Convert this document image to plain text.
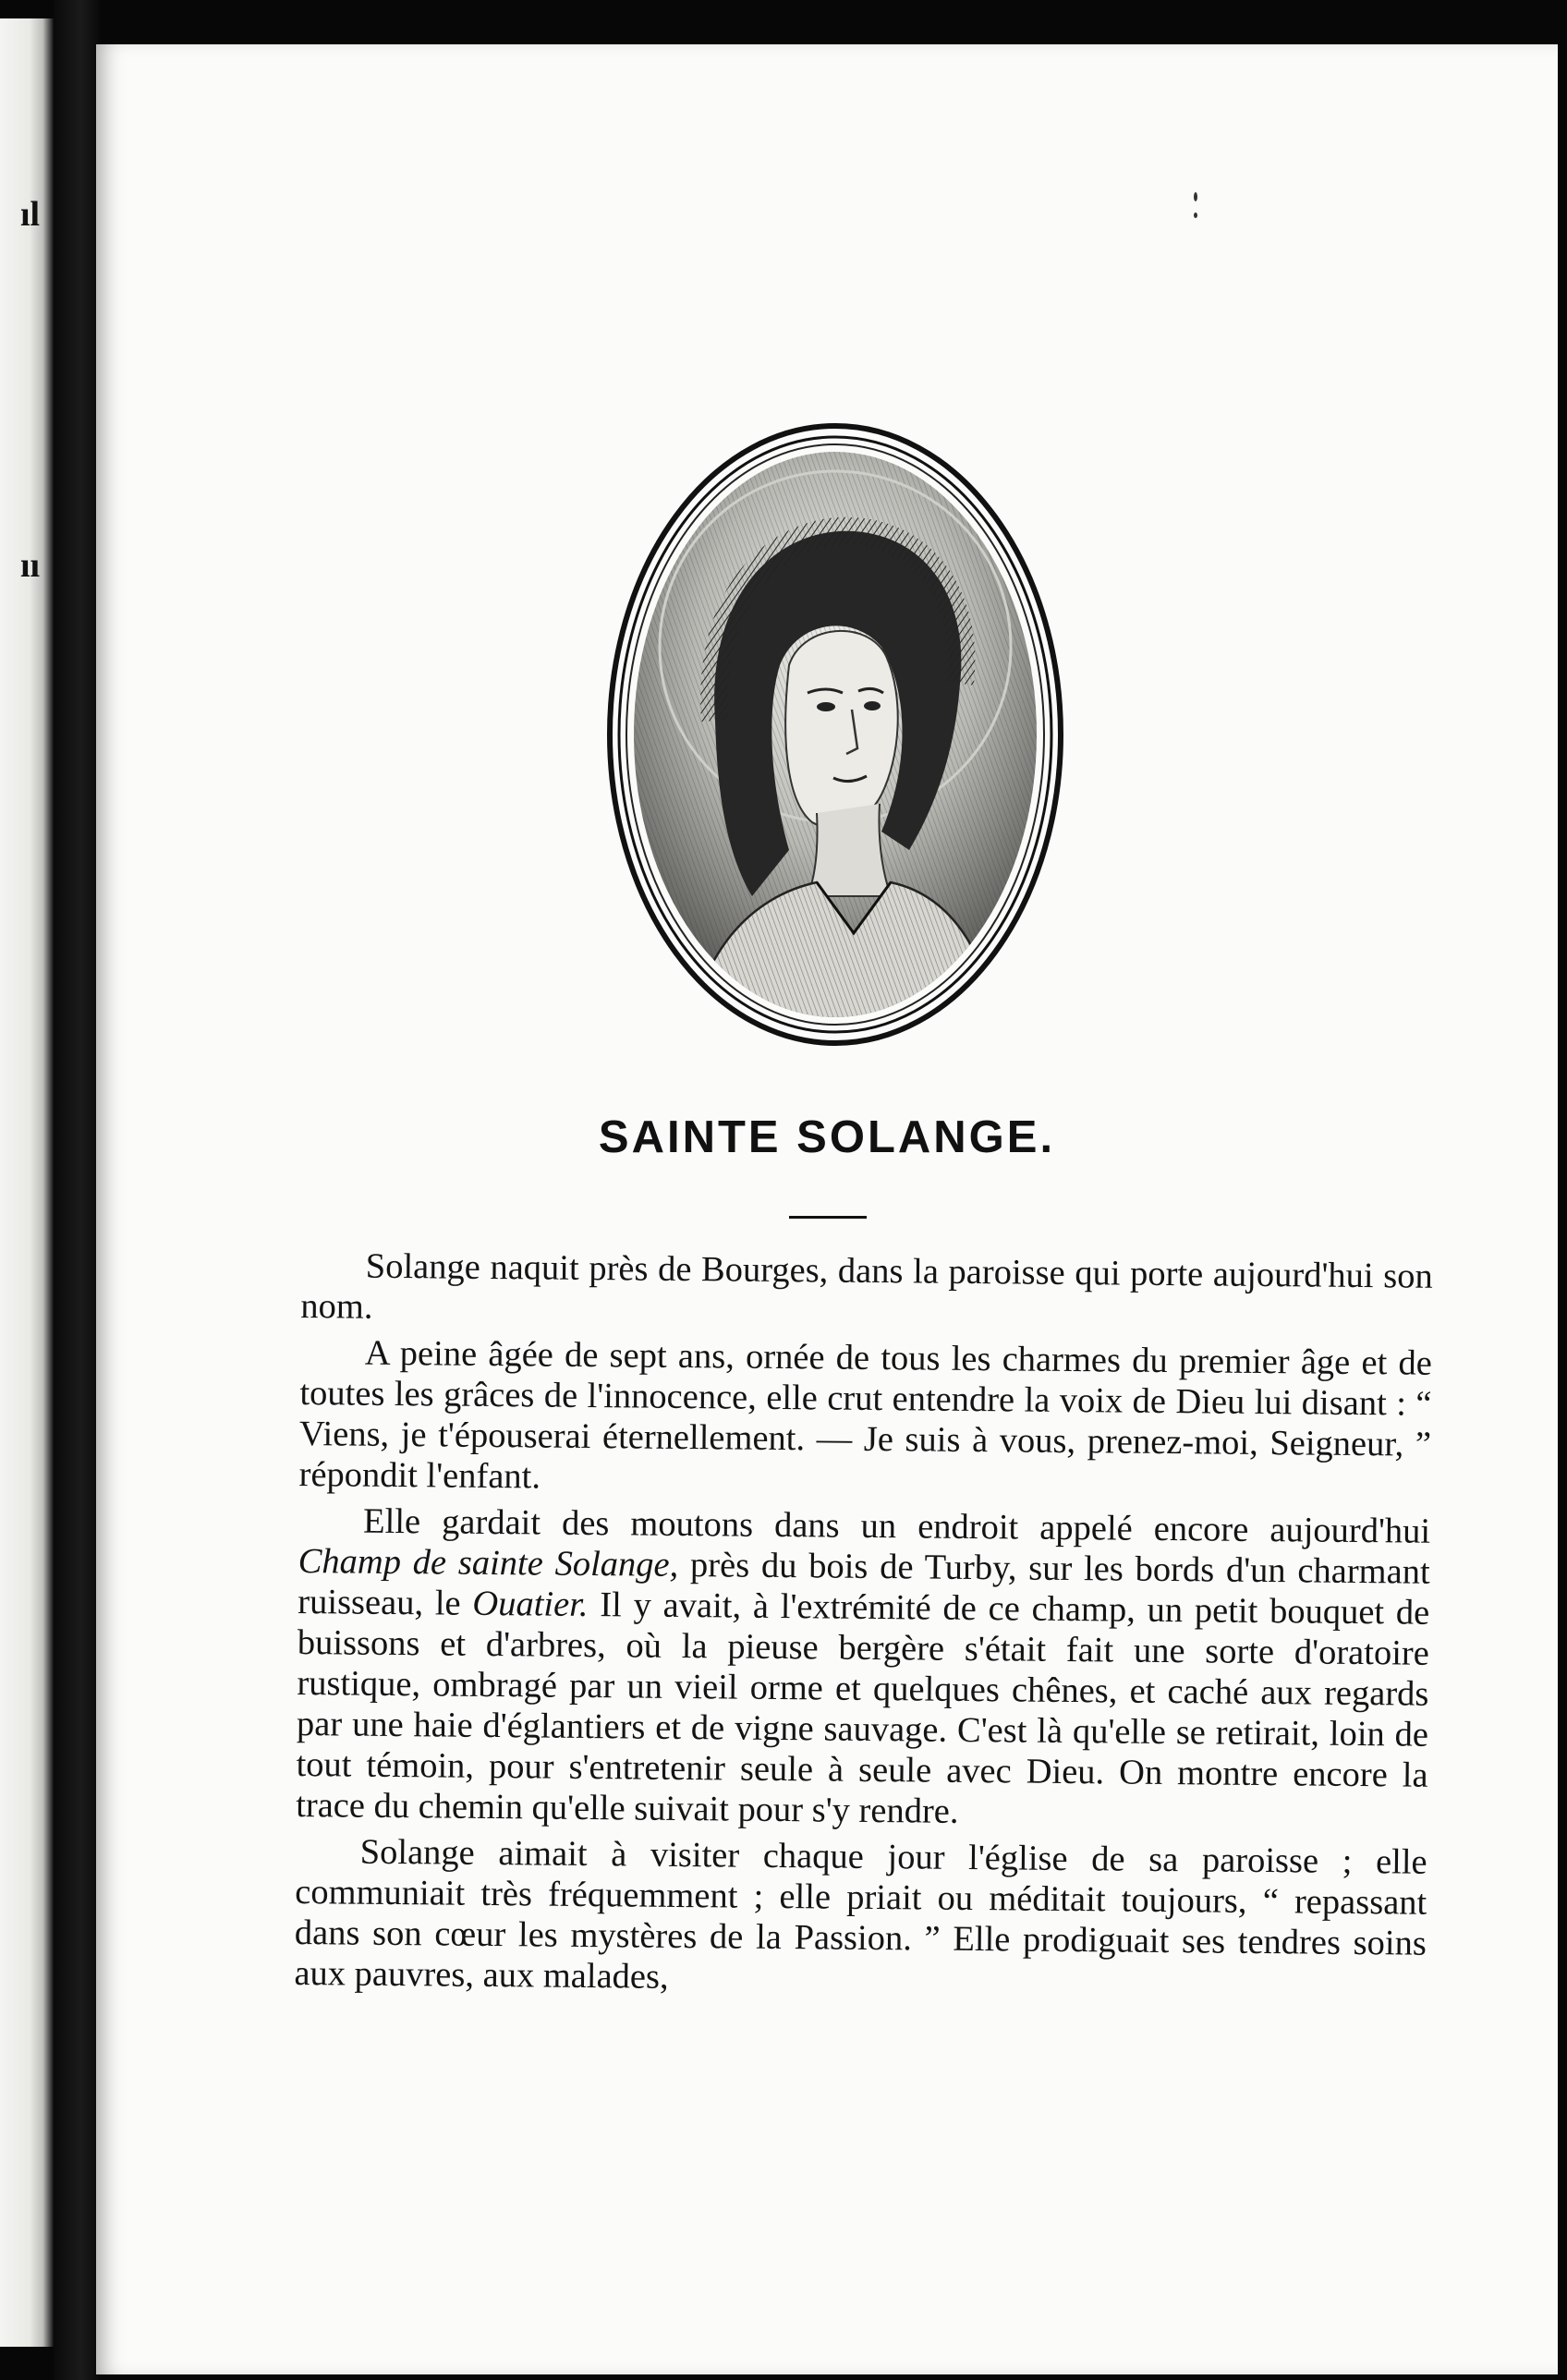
ıl
ıı
SAINTE SOLANGE.

Solange naquit près de Bourges, dans la paroisse qui porte aujourd'hui son nom.

A peine âgée de sept ans, ornée de tous les charmes du premier âge et de toutes les grâces de l'innocence, elle crut entendre la voix de Dieu lui disant : “ Viens, je t'épouserai éternellement. — Je suis à vous, prenez-moi, Seigneur, ” répondit l'enfant.

Elle gardait des moutons dans un endroit appelé encore aujourd'hui Champ de sainte Solange, près du bois de Turby, sur les bords d'un charmant ruisseau, le Ouatier. Il y avait, à l'extrémité de ce champ, un petit bouquet de buissons et d'arbres, où la pieuse bergère s'était fait une sorte d'oratoire rustique, ombragé par un vieil orme et quelques chênes, et caché aux regards par une haie d'églantiers et de vigne sauvage. C'est là qu'elle se retirait, loin de tout témoin, pour s'entretenir seule à seule avec Dieu. On montre encore la trace du chemin qu'elle suivait pour s'y rendre.

Solange aimait à visiter chaque jour l'église de sa paroisse ; elle communiait très fréquemment ; elle priait ou méditait toujours, “ repassant dans son cœur les mystères de la Passion. ” Elle prodiguait ses tendres soins aux pauvres, aux malades,
